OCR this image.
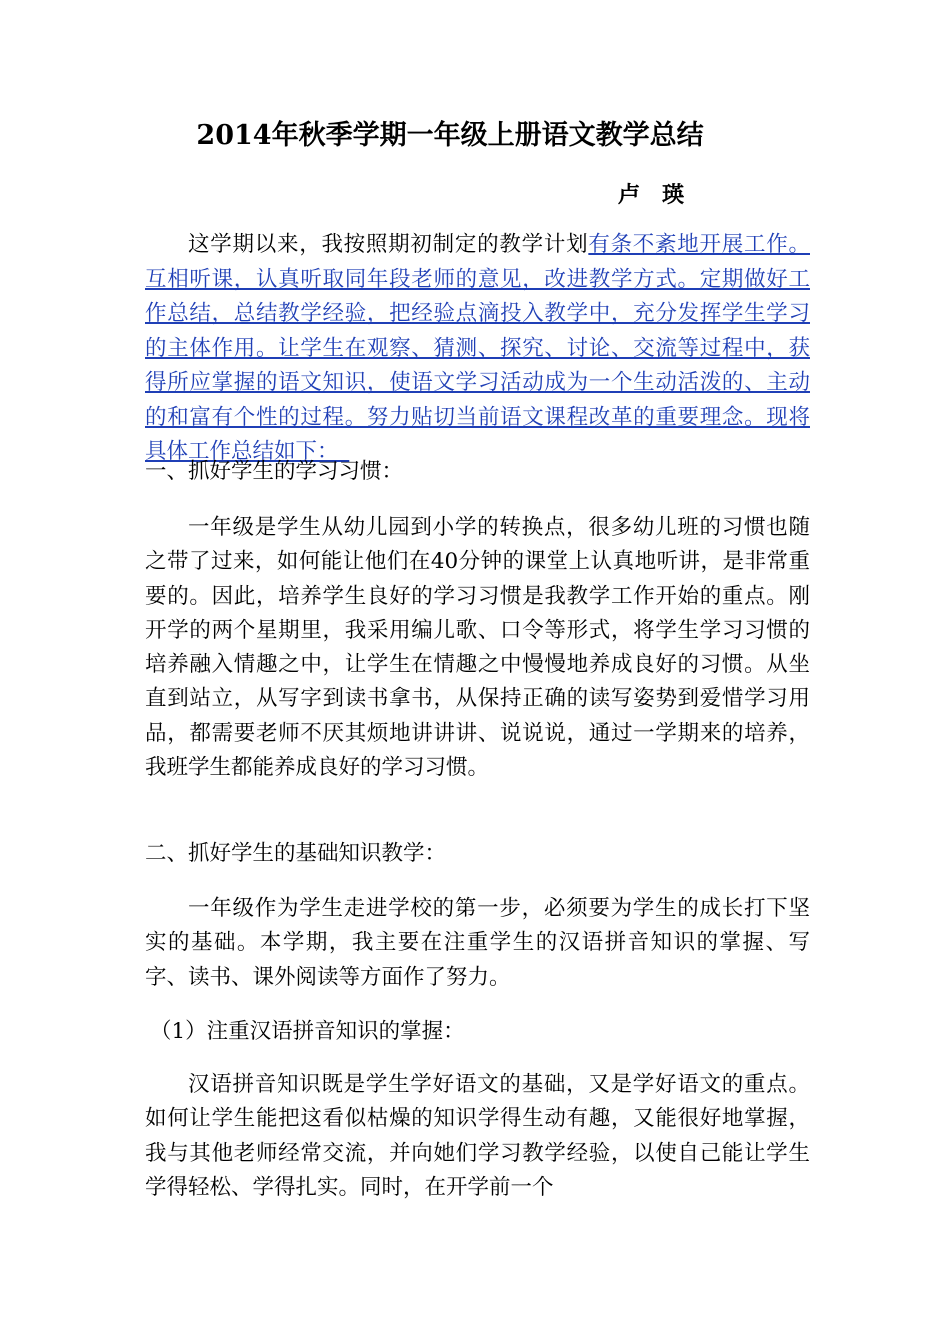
2014年秋季学期一年级上册语文教学总结
卢　瑛
这学期以来，我按照期初制定的教学计划有条不紊地开展工作。互相听课，认真听取同年段老师的意见，改进教学方式。定期做好工作总结，总结教学经验，把经验点滴投入教学中，充分发挥学生学习的主体作用。让学生在观察、猜测、探究、讨论、交流等过程中，获得所应掌握的语文知识，使语文学习活动成为一个生动活泼的、主动的和富有个性的过程。努力贴切当前语文课程改革的重要理念。现将具体工作总结如下：　
一、抓好学生的学习习惯：
一年级是学生从幼儿园到小学的转换点，很多幼儿班的习惯也随之带了过来，如何能让他们在40分钟的课堂上认真地听讲，是非常重要的。因此，培养学生良好的学习习惯是我教学工作开始的重点。刚开学的两个星期里，我采用编儿歌、口令等形式，将学生学习习惯的培养融入情趣之中，让学生在情趣之中慢慢地养成良好的习惯。从坐直到站立，从写字到读书拿书，从保持正确的读写姿势到爱惜学习用品，都需要老师不厌其烦地讲讲讲、说说说，通过一学期来的培养，我班学生都能养成良好的学习习惯。
二、抓好学生的基础知识教学：
一年级作为学生走进学校的第一步，必须要为学生的成长打下坚实的基础。本学期，我主要在注重学生的汉语拼音知识的掌握、写字、读书、课外阅读等方面作了努力。
（1）注重汉语拼音知识的掌握：
汉语拼音知识既是学生学好语文的基础，又是学好语文的重点。如何让学生能把这看似枯燥的知识学得生动有趣，又能很好地掌握，我与其他老师经常交流，并向她们学习教学经验，以使自己能让学生学得轻松、学得扎实。同时，在开学前一个
